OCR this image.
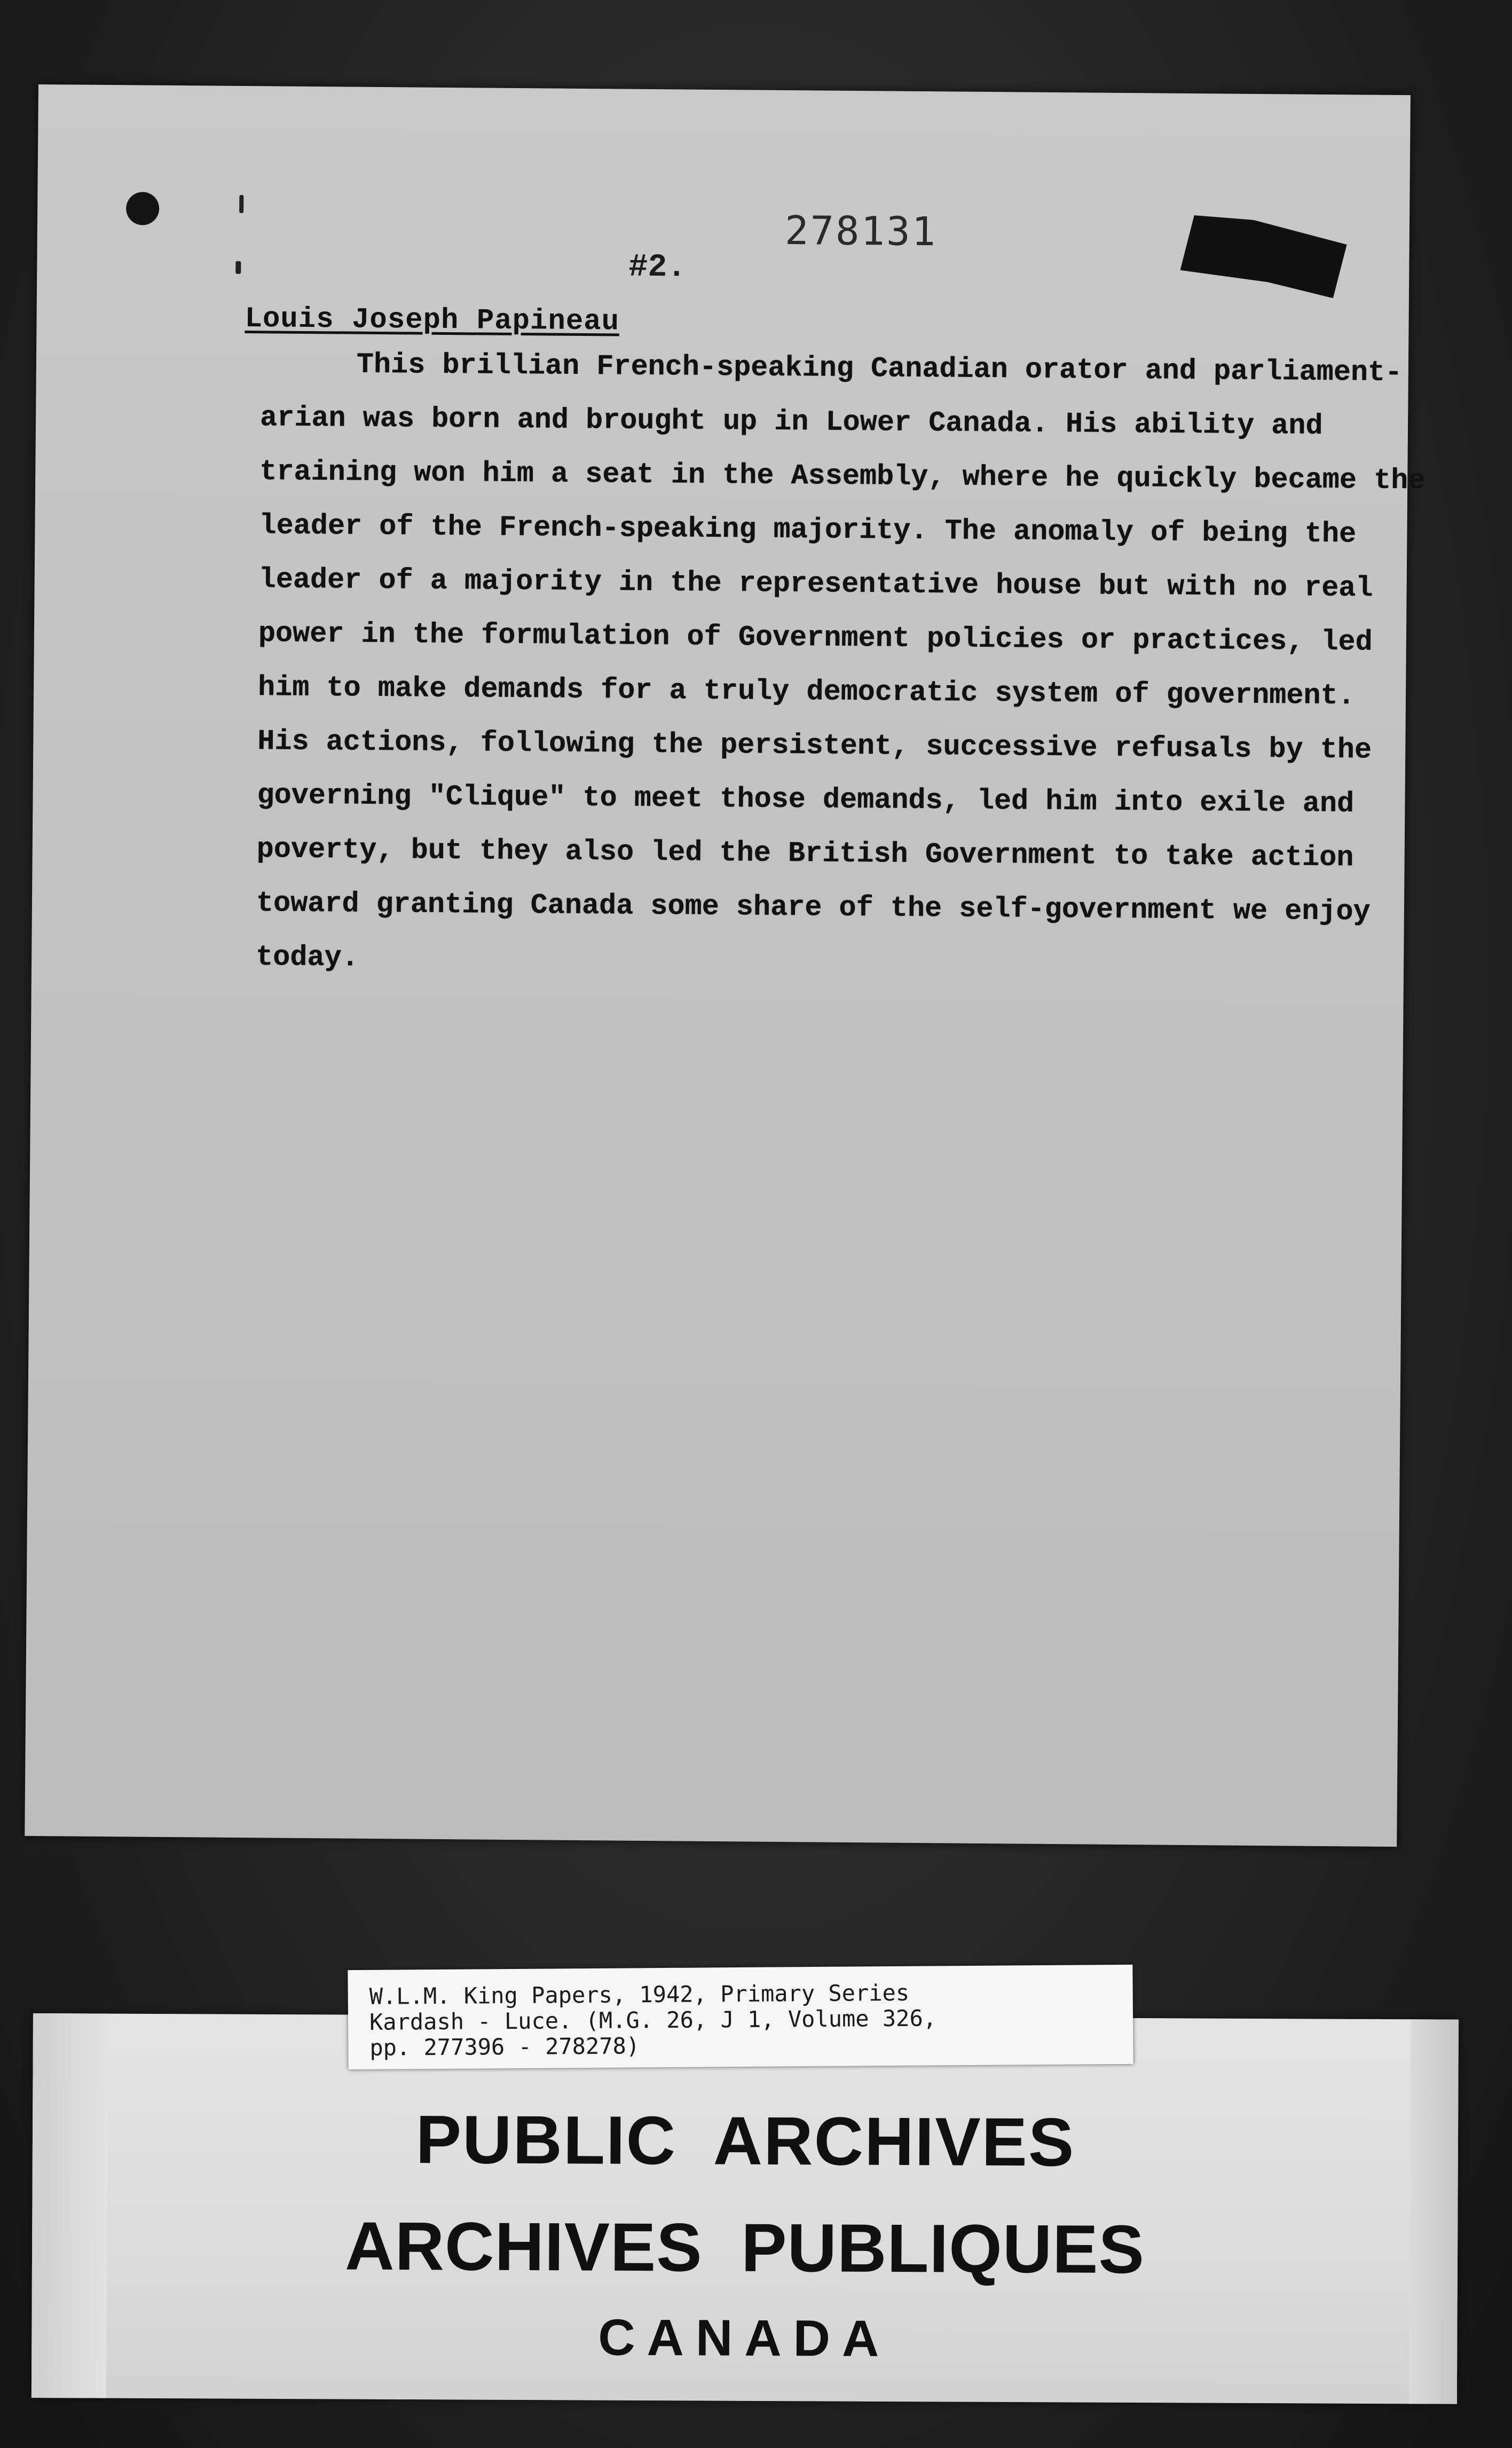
278131
#2.
Louis Joseph Papineau
This brillian French-speaking Canadian orator and parliament-
arian was born and brought up in Lower Canada. His ability and
training won him a seat in the Assembly, where he quickly became the
leader of the French-speaking majority. The anomaly of being the
leader of a majority in the representative house but with no real
power in the formulation of Government policies or practices, led
him to make demands for a truly democratic system of government.
His actions, following the persistent, successive refusals by the
governing "Clique" to meet those demands, led him into exile and
poverty, but they also led the British Government to take action
toward granting Canada some share of the self-government we enjoy
today.
PUBLIC ARCHIVES
ARCHIVES PUBLIQUES
CANADA
W.L.M. King Papers, 1942, Primary Series
Kardash - Luce. (M.G. 26, J 1, Volume 326,
pp. 277396 - 278278)
